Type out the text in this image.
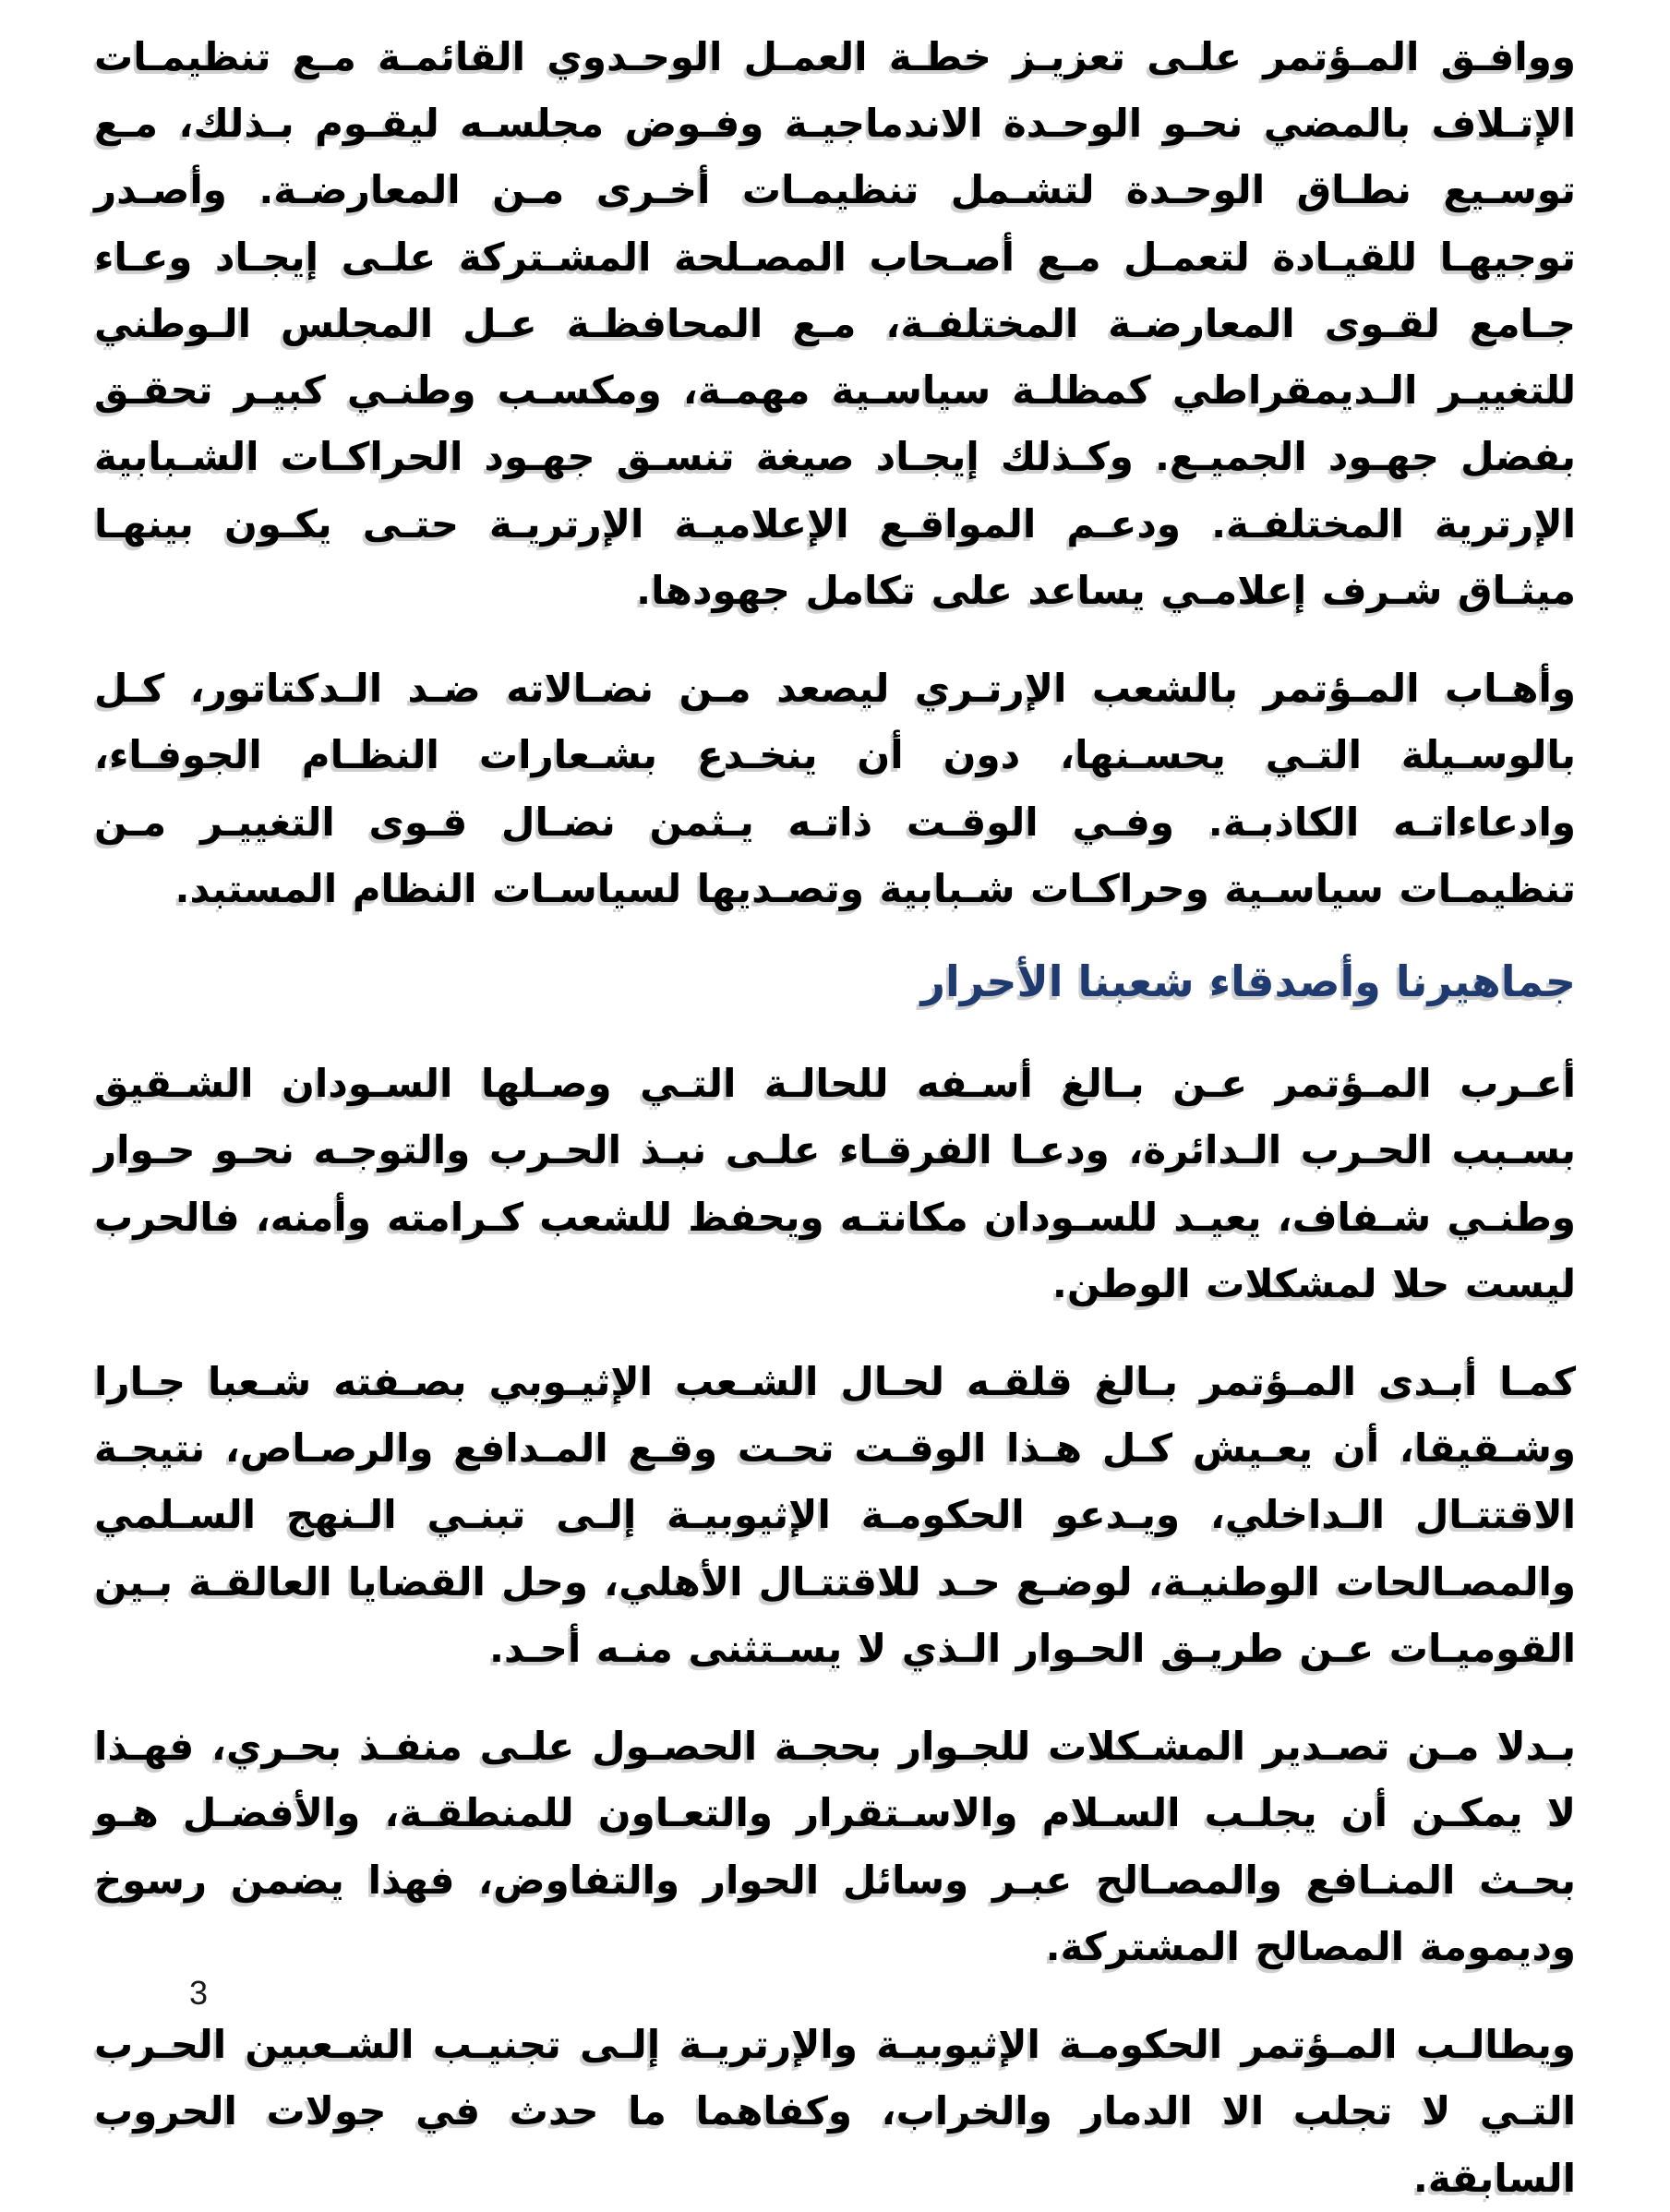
ووافـق المـؤتمر علـى تعزيـز خطـة العمـل الوحـدوي القائمـة مـع تنظيمـات الإتـلاف بالمضي نحـو الوحـدة الاندماجيـة وفـوض مجلسـه ليقـوم بـذلك، مـع توسـيع نطـاق الوحـدة لتشـمل تنظيمـات أخـرى مـن المعارضـة. وأصـدر توجيهـا للقيـادة لتعمـل مـع أصـحاب المصـلحة المشـتركة علـى إيجـاد وعـاء جـامع لقـوى المعارضـة المختلفـة، مـع المحافظـة عـل المجلس الـوطني للتغييـر الـديمقراطي كمظلـة سياسـية مهمـة، ومكسـب وطنـي كبيـر تحقـق بفضل جهـود الجميـع. وكـذلك إيجـاد صيغة تنسـق جهـود الحراكـات الشـبابية الإرترية المختلفـة. ودعـم المواقـع الإعلاميـة الإرتريـة حتـى يكـون بينهـا ميثـاق شـرف إعلامـي يساعد على تكامل جهودها.

وأهـاب المـؤتمر بالشعب الإرتـري ليصعد مـن نضـالاته ضـد الـدكتاتور، كـل بالوسـيلة التـي يحسـنها، دون أن ينخـدع بشـعارات النظـام الجوفـاء، وادعاءاتـه الكاذبـة. وفـي الوقـت ذاتـه يـثمن نضـال قـوى التغييـر مـن تنظيمـات سياسـية وحراكـات شـبابية وتصـديها لسياسـات النظام المستبد.

جماهيرنا وأصدقاء شعبنا الأحرار

أعـرب المـؤتمر عـن بـالغ أسـفه للحالـة التـي وصـلها السـودان الشـقيق بسـبب الحـرب الـدائرة، ودعـا الفرقـاء علـى نبـذ الحـرب والتوجـه نحـو حـوار وطنـي شـفاف، يعيـد للسـودان مكانتـه ويحفظ للشعب كـرامته وأمنه، فالحرب ليست حلا لمشكلات الوطن.

كمـا أبـدى المـؤتمر بـالغ قلقـه لحـال الشـعب الإثيـوبي بصـفته شـعبا جـارا وشـقيقا، أن يعـيش كـل هـذا الوقـت تحـت وقـع المـدافع والرصـاص، نتيجـة الاقتتـال الـداخلي، ويـدعو الحكومـة الإثيوبيـة إلـى تبنـي الـنهج السـلمي والمصـالحات الوطنيـة، لوضـع حـد للاقتتـال الأهلي، وحل القضايا العالقـة بـين القوميـات عـن طريـق الحـوار الـذي لا يسـتثنى منـه أحـد.

بـدلا مـن تصـدير المشـكلات للجـوار بحجـة الحصـول علـى منفـذ بحـري، فهـذا لا يمكـن أن يجلـب السـلام والاسـتقرار والتعـاون للمنطقـة، والأفضـل هـو بحـث المنـافع والمصـالح عبـر وسائل الحوار والتفاوض، فهذا يضمن رسوخ وديمومة المصالح المشتركة.

ويطالـب المـؤتمر الحكومـة الإثيوبيـة والإرتريـة إلـى تجنيـب الشـعبين الحـرب التـي لا تجلب الا الدمار والخراب، وكفاهما ما حدث في جولات الحروب السابقة.

3
